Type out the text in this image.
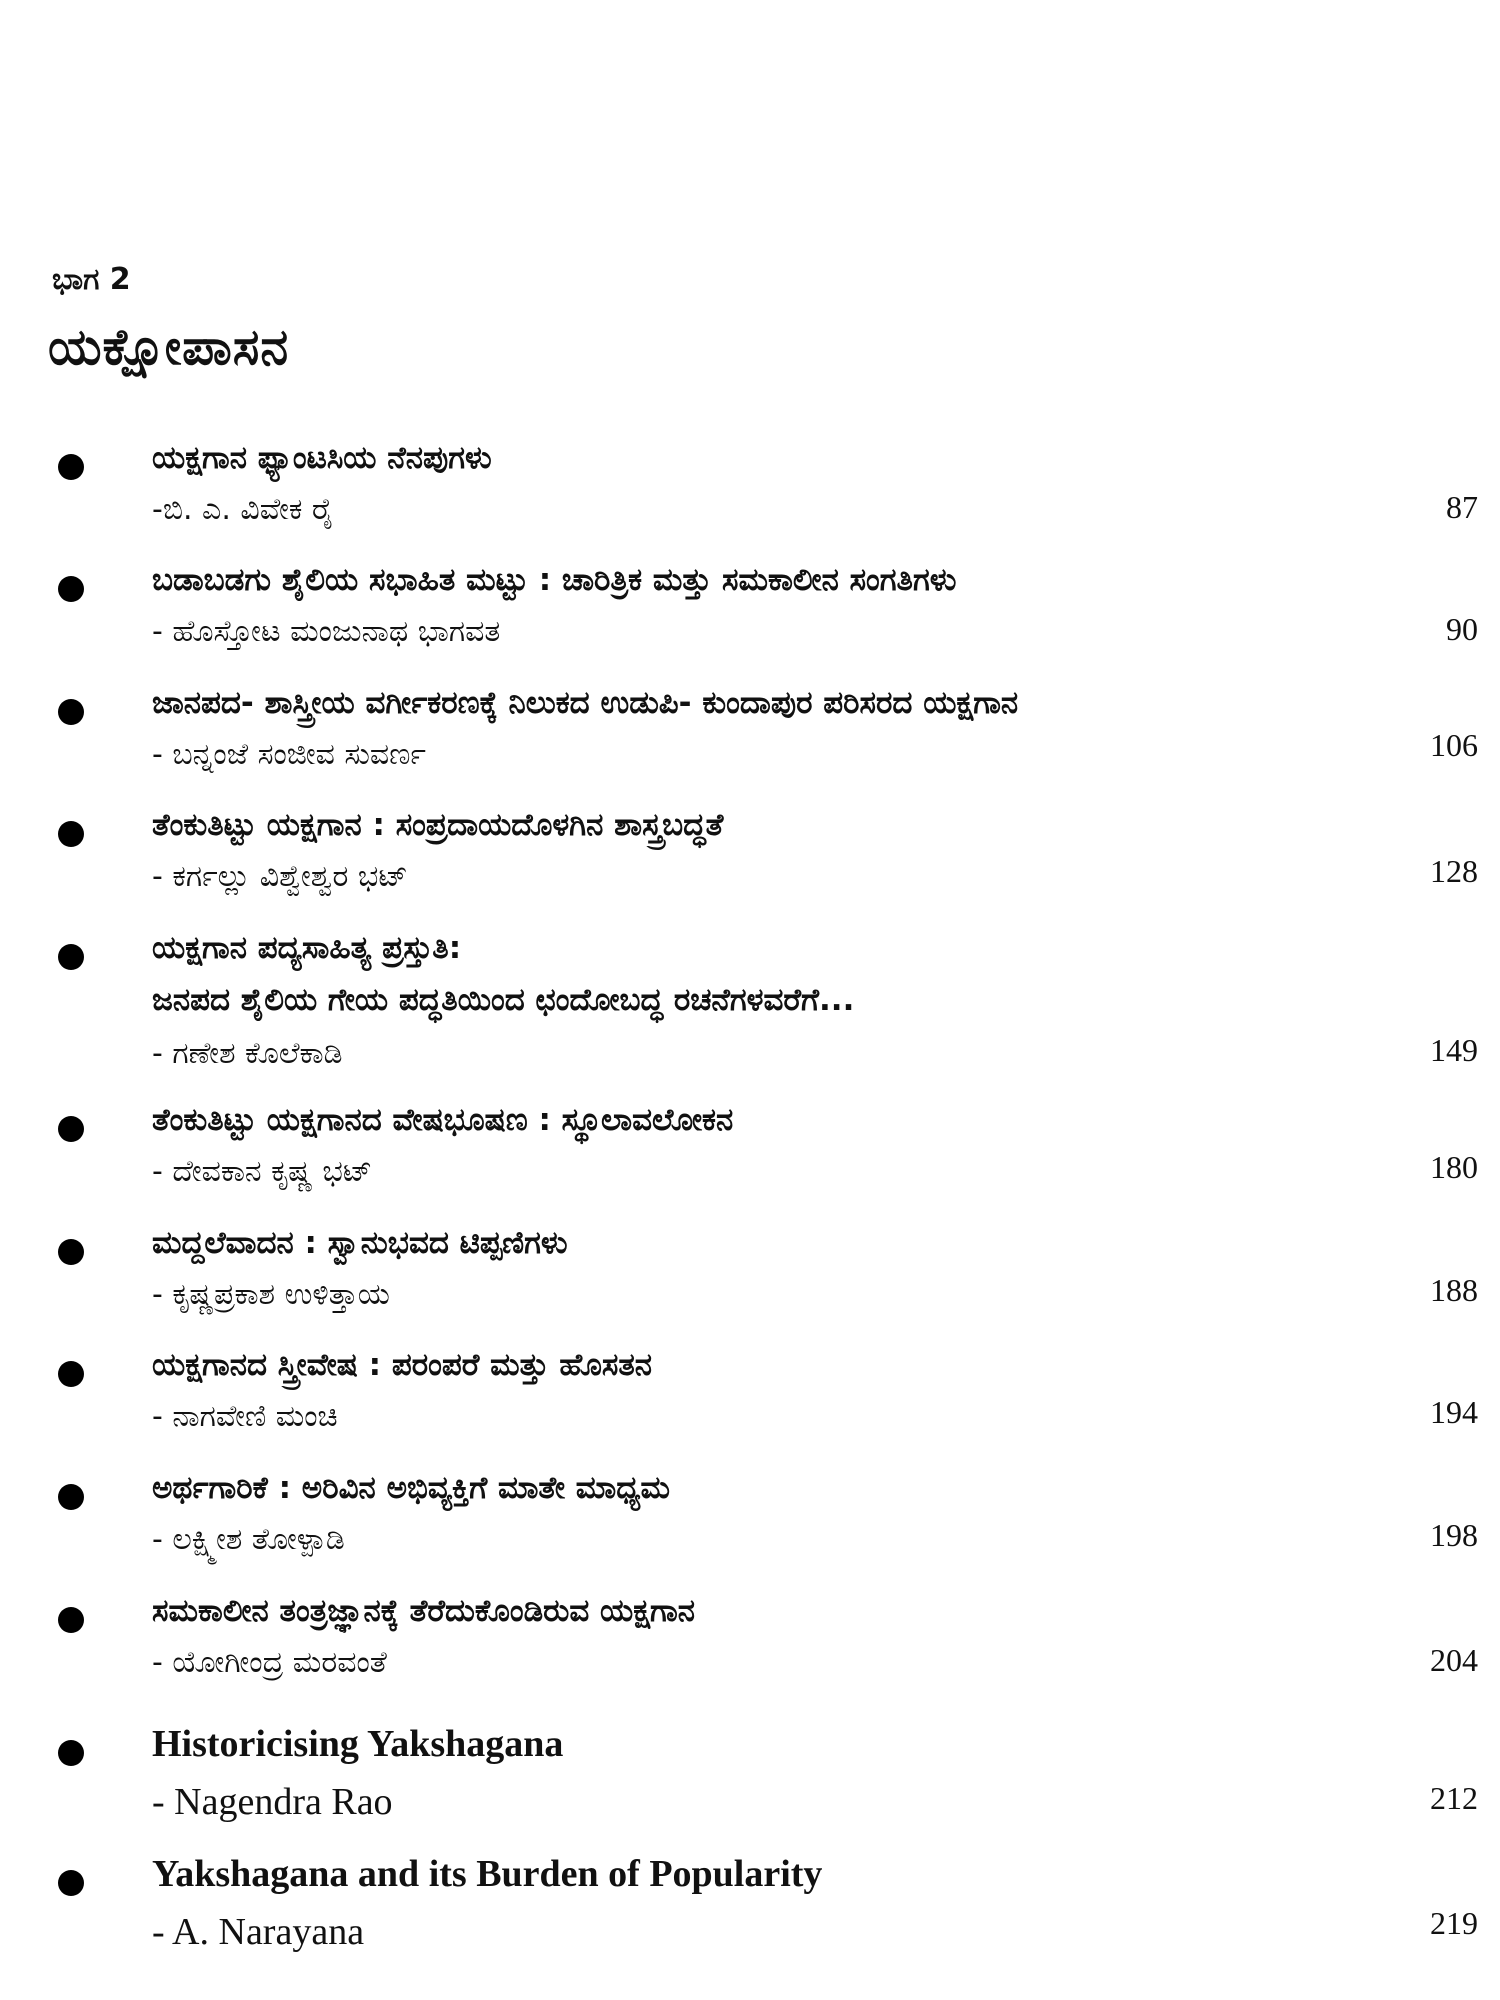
ಭಾಗ 2
ಯಕ್ಷೋಪಾಸನ
ಯಕ್ಷಗಾನ ಫ್ಯಾಂಟಸಿಯ ನೆನಪುಗಳು
-ಬಿ. ಎ. ವಿವೇಕ ರೈ	87
ಬಡಾಬಡಗು ಶೈಲಿಯ ಸಭಾಹಿತ ಮಟ್ಟು : ಚಾರಿತ್ರಿಕ ಮತ್ತು ಸಮಕಾಲೀನ ಸಂಗತಿಗಳು
- ಹೊಸ್ತೋಟ ಮಂಜುನಾಥ ಭಾಗವತ	90
ಜಾನಪದ- ಶಾಸ್ತ್ರೀಯ ವರ್ಗೀಕರಣಕ್ಕೆ ನಿಲುಕದ ಉಡುಪಿ- ಕುಂದಾಪುರ ಪರಿಸರದ ಯಕ್ಷಗಾನ
- ಬನ್ನಂಜೆ ಸಂಜೀವ ಸುವರ್ಣ	106
ತೆಂಕುತಿಟ್ಟು ಯಕ್ಷಗಾನ : ಸಂಪ್ರದಾಯದೊಳಗಿನ ಶಾಸ್ತ್ರಬದ್ಧತೆ
- ಕರ್ಗಲ್ಲು ವಿಶ್ವೇಶ್ವರ ಭಟ್	128
ಯಕ್ಷಗಾನ ಪದ್ಯಸಾಹಿತ್ಯ ಪ್ರಸ್ತುತಿ:
ಜನಪದ ಶೈಲಿಯ ಗೇಯ ಪದ್ಧತಿಯಿಂದ ಛಂದೋಬದ್ಧ ರಚನೆಗಳವರೆಗೆ...
- ಗಣೇಶ ಕೊಲೆಕಾಡಿ	149
ತೆಂಕುತಿಟ್ಟು ಯಕ್ಷಗಾನದ ವೇಷಭೂಷಣ : ಸ್ಥೂಲಾವಲೋಕನ
- ದೇವಕಾನ ಕೃಷ್ಣ ಭಟ್	180
ಮದ್ದಲೆವಾದನ : ಸ್ವಾನುಭವದ ಟಿಪ್ಪಣಿಗಳು
- ಕೃಷ್ಣಪ್ರಕಾಶ ಉಳಿತ್ತಾಯ	188
ಯಕ್ಷಗಾನದ ಸ್ತ್ರೀವೇಷ : ಪರಂಪರೆ ಮತ್ತು ಹೊಸತನ
- ನಾಗವೇಣಿ ಮಂಚಿ	194
ಅರ್ಥಗಾರಿಕೆ : ಅರಿವಿನ ಅಭಿವ್ಯಕ್ತಿಗೆ ಮಾತೇ ಮಾಧ್ಯಮ
- ಲಕ್ಷ್ಮೀಶ ತೋಳ್ಪಾಡಿ	198
ಸಮಕಾಲೀನ ತಂತ್ರಜ್ಞಾನಕ್ಕೆ ತೆರೆದುಕೊಂಡಿರುವ ಯಕ್ಷಗಾನ
- ಯೋಗೀಂದ್ರ ಮರವಂತೆ	204
Historicising Yakshagana
- Nagendra Rao	212
Yakshagana and its Burden of Popularity
- A. Narayana	219
